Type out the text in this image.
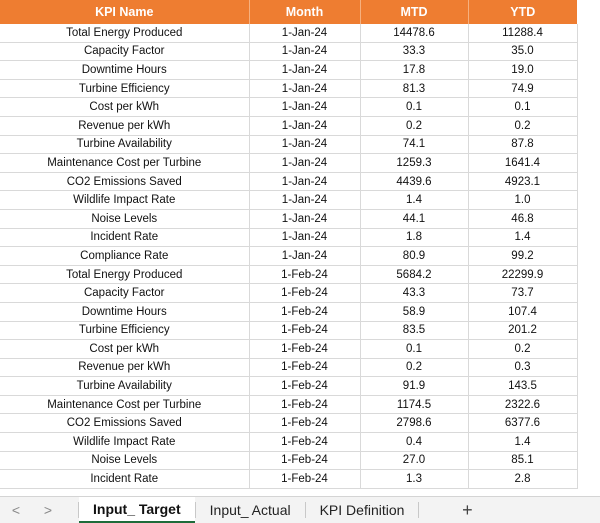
KPI Name	Month	MTD	YTD
Total Energy Produced	1-Jan-24	14478.6	11288.4
Capacity Factor	1-Jan-24	33.3	35.0
Downtime Hours	1-Jan-24	17.8	19.0
Turbine Efficiency	1-Jan-24	81.3	74.9
Cost per kWh	1-Jan-24	0.1	0.1
Revenue per kWh	1-Jan-24	0.2	0.2
Turbine Availability	1-Jan-24	74.1	87.8
Maintenance Cost per Turbine	1-Jan-24	1259.3	1641.4
CO2 Emissions Saved	1-Jan-24	4439.6	4923.1
Wildlife Impact Rate	1-Jan-24	1.4	1.0
Noise Levels	1-Jan-24	44.1	46.8
Incident Rate	1-Jan-24	1.8	1.4
Compliance Rate	1-Jan-24	80.9	99.2
Total Energy Produced	1-Feb-24	5684.2	22299.9
Capacity Factor	1-Feb-24	43.3	73.7
Downtime Hours	1-Feb-24	58.9	107.4
Turbine Efficiency	1-Feb-24	83.5	201.2
Cost per kWh	1-Feb-24	0.1	0.2
Revenue per kWh	1-Feb-24	0.2	0.3
Turbine Availability	1-Feb-24	91.9	143.5
Maintenance Cost per Turbine	1-Feb-24	1174.5	2322.6
CO2 Emissions Saved	1-Feb-24	2798.6	6377.6
Wildlife Impact Rate	1-Feb-24	0.4	1.4
Noise Levels	1-Feb-24	27.0	85.1
Incident Rate	1-Feb-24	1.3	2.8
<	>	Input_ Target	Input_ Actual	KPI Definition	+
